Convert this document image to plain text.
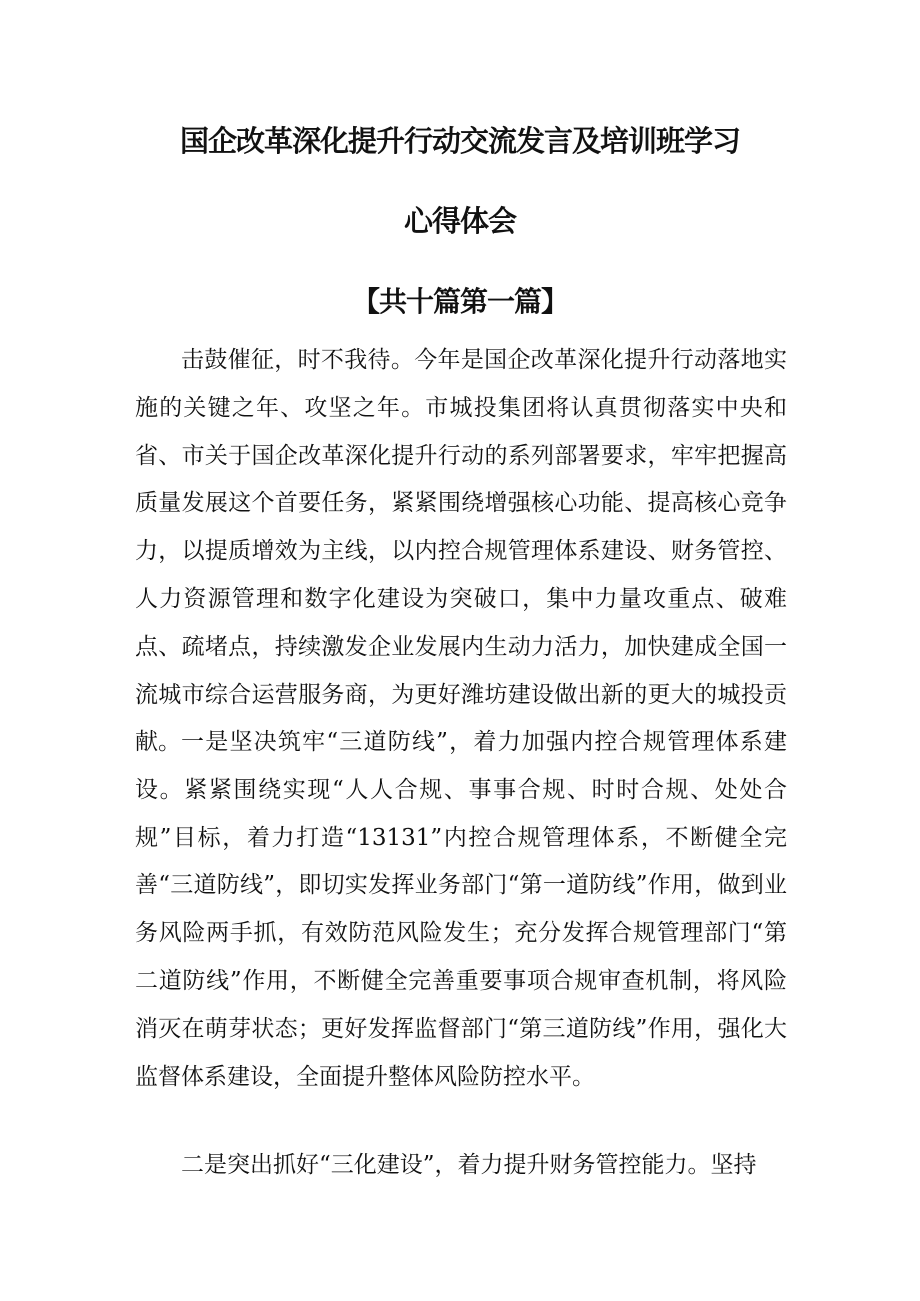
国企改革深化提升行动交流发言及培训班学习
心得体会
【共十篇第一篇】

击鼓催征，时不我待。今年是国企改革深化提升行动落地实施的关键之年、攻坚之年。市城投集团将认真贯彻落实中央和省、市关于国企改革深化提升行动的系列部署要求，牢牢把握高质量发展这个首要任务，紧紧围绕增强核心功能、提高核心竞争力，以提质增效为主线，以内控合规管理体系建设、财务管控、人力资源管理和数字化建设为突破口，集中力量攻重点、破难点、疏堵点，持续激发企业发展内生动力活力，加快建成全国一流城市综合运营服务商，为更好潍坊建设做出新的更大的城投贡献。 一是坚决筑牢“三道防线”，着力加强内控合规管理体系建设。紧紧围绕实现“人人合规、事事合规、时时合规、处处合规”目标，着力打造“13131”内控合规管理体系，不断健全完善“三道防线”，即切实发挥业务部门“第一道防线”作用，做到业务风险两手抓，有效防范风险发生；充分发挥合规管理部门“第二道防线”作用，不断健全完善重要事项合规审查机制，将风险消灭在萌芽状态；更好发挥监督部门“第三道防线”作用，强化大监督体系建设，全面提升整体风险防控水平。

二是突出抓好“三化建设”，着力提升财务管控能力。坚持
